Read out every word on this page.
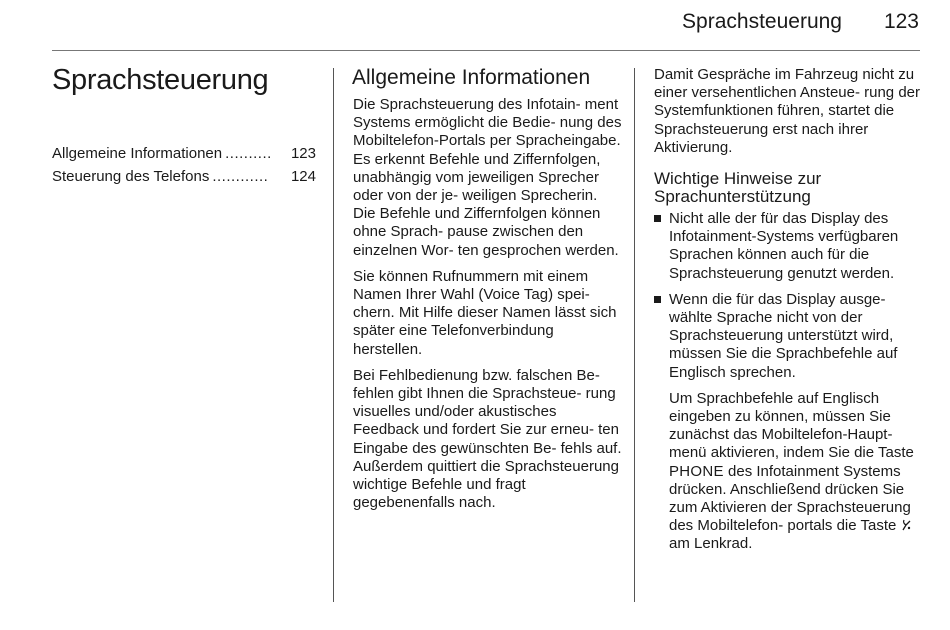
Sprachsteuerung 123
Sprachsteuerung
Allgemeine Informationen ..........	123
Steuerung des Telefons ............	124
Allgemeine Informationen

Die Sprachsteuerung des Infotain- ment Systems ermöglicht die Bedie- nung des Mobiltelefon-Portals per Spracheingabe. Es erkennt Befehle und Ziffernfolgen, unabhängig vom jeweiligen Sprecher oder von der je- weiligen Sprecherin. Die Befehle und Ziffernfolgen können ohne Sprach- pause zwischen den einzelnen Wor- ten gesprochen werden.

Sie können Rufnummern mit einem Namen Ihrer Wahl (Voice Tag) spei- chern. Mit Hilfe dieser Namen lässt sich später eine Telefonverbindung herstellen.

Bei Fehlbedienung bzw. falschen Be- fehlen gibt Ihnen die Sprachsteue- rung visuelles und/oder akustisches Feedback und fordert Sie zur erneu- ten Eingabe des gewünschten Be- fehls auf. Außerdem quittiert die Sprachsteuerung wichtige Befehle und fragt gegebenenfalls nach.

Damit Gespräche im Fahrzeug nicht zu einer versehentlichen Ansteue- rung der Systemfunktionen führen, startet die Sprachsteuerung erst nach ihrer Aktivierung.

Wichtige Hinweise zur Sprachunterstützung
Nicht alle der für das Display des Infotainment-Systems verfügbaren Sprachen können auch für die Sprachsteuerung genutzt werden.
Wenn die für das Display ausge- wählte Sprache nicht von der Sprachsteuerung unterstützt wird, müssen Sie die Sprachbefehle auf Englisch sprechen.

Um Sprachbefehle auf Englisch eingeben zu können, müssen Sie zunächst das Mobiltelefon-Haupt- menü aktivieren, indem Sie die Taste PHONE des Infotainment Systems drücken. Anschließend drücken Sie zum Aktivieren der Sprachsteuerung des Mobiltelefon- portals die Taste  am Lenkrad.
